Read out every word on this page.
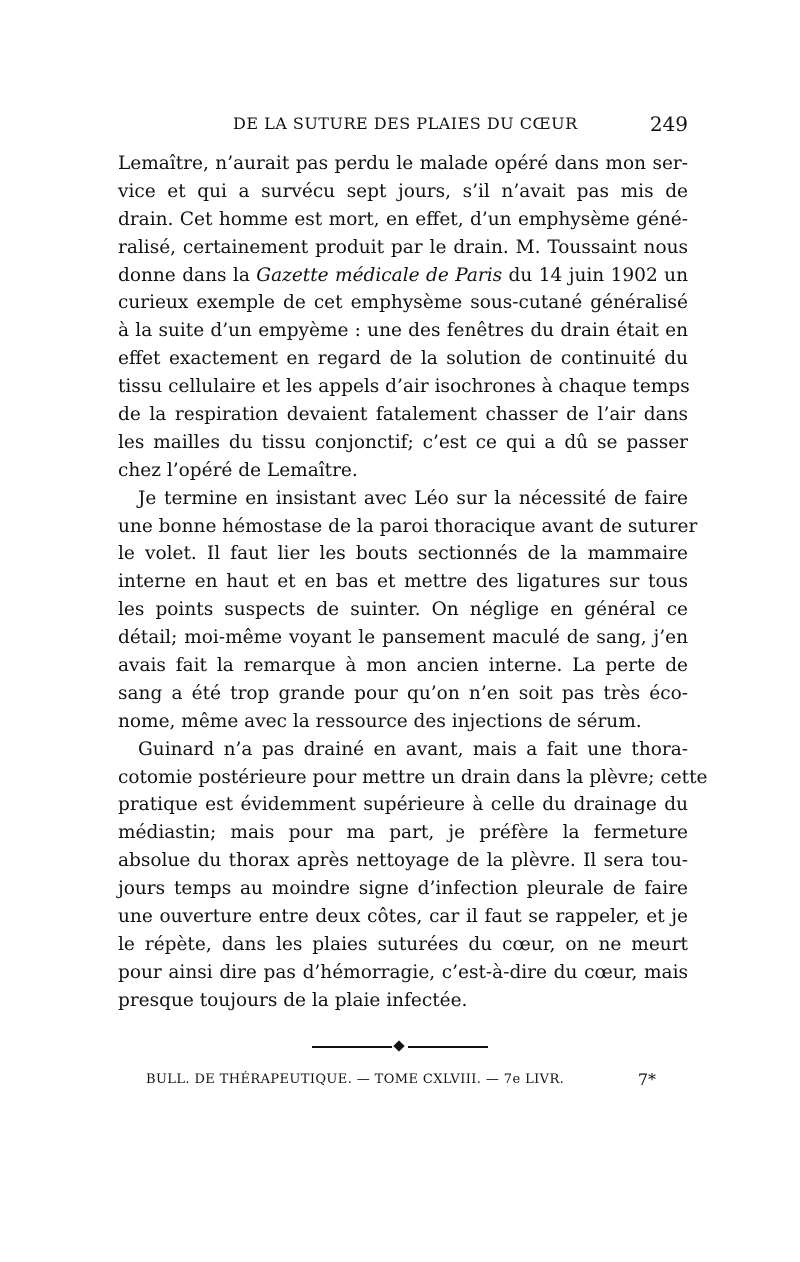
DE LA SUTURE DES PLAIES DU CŒUR	249
Lemaître, n’aurait pas perdu le malade opéré dans mon ser-
vice et qui a survécu sept jours, s’il n’avait pas mis de
drain. Cet homme est mort, en effet, d’un emphysème géné-
ralisé, certainement produit par le drain. M. Toussaint nous
donne dans la Gazette médicale de Paris du 14 juin 1902 un
curieux exemple de cet emphysème sous-cutané généralisé
à la suite d’un empyème : une des fenêtres du drain était en
effet exactement en regard de la solution de continuité du
tissu cellulaire et les appels d’air isochrones à chaque temps
de la respiration devaient fatalement chasser de l’air dans
les mailles du tissu conjonctif; c’est ce qui a dû se passer
chez l’opéré de Lemaître.
Je termine en insistant avec Léo sur la nécessité de faire
une bonne hémostase de la paroi thoracique avant de suturer
le volet. Il faut lier les bouts sectionnés de la mammaire
interne en haut et en bas et mettre des ligatures sur tous
les points suspects de suinter. On néglige en général ce
détail; moi-même voyant le pansement maculé de sang, j’en
avais fait la remarque à mon ancien interne. La perte de
sang a été trop grande pour qu’on n’en soit pas très éco-
nome, même avec la ressource des injections de sérum.
Guinard n’a pas drainé en avant, mais a fait une thora-
cotomie postérieure pour mettre un drain dans la plèvre; cette
pratique est évidemment supérieure à celle du drainage du
médiastin; mais pour ma part, je préfère la fermeture
absolue du thorax après nettoyage de la plèvre. Il sera tou-
jours temps au moindre signe d’infection pleurale de faire
une ouverture entre deux côtes, car il faut se rappeler, et je
le répète, dans les plaies suturées du cœur, on ne meurt
pour ainsi dire pas d’hémorragie, c’est-à-dire du cœur, mais
presque toujours de la plaie infectée.
BULL. DE THÉRAPEUTIQUE. — TOME CXLVIII. — 7e LIVR.	7*
